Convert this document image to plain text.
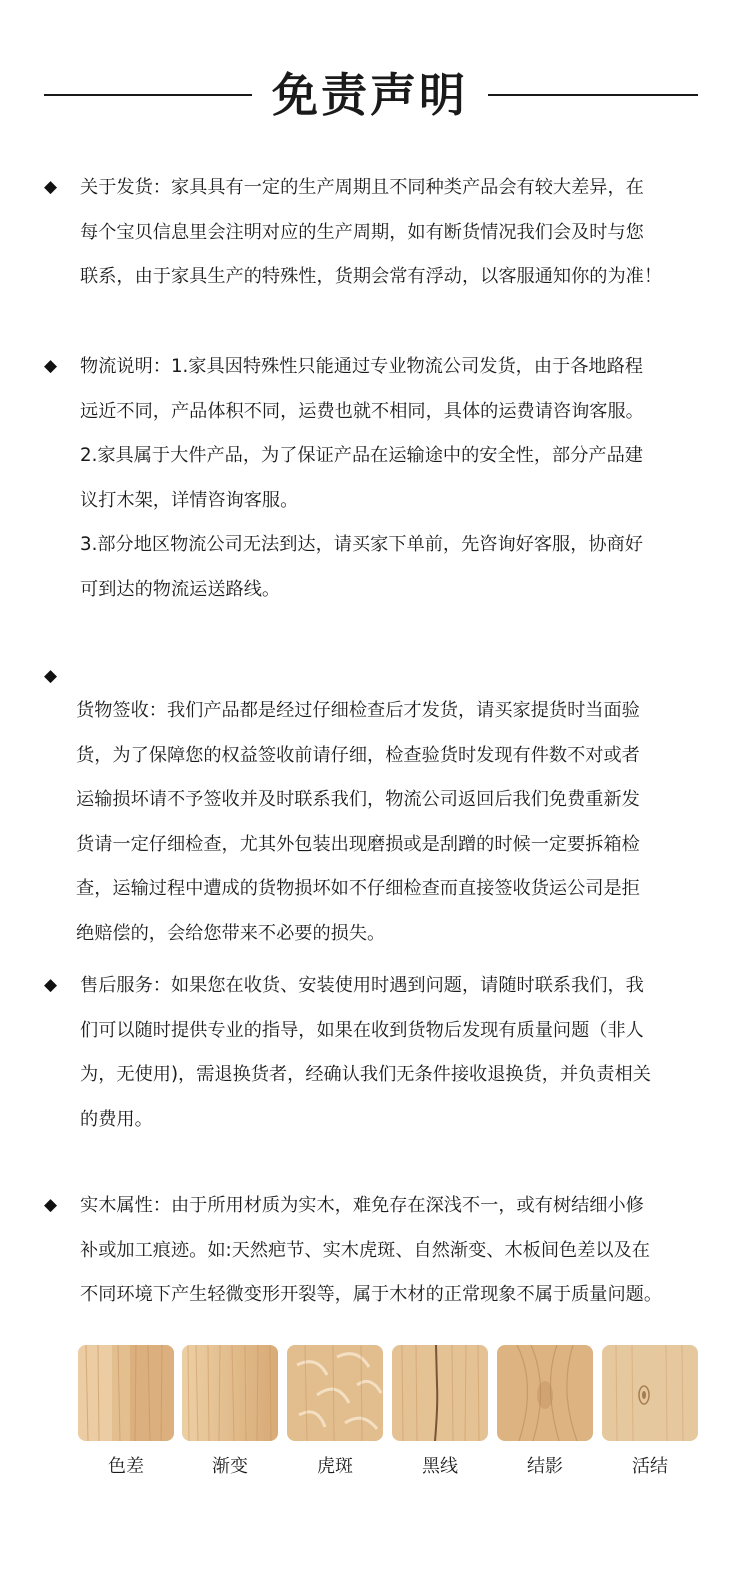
免责声明
◆ 关于发货：家具具有一定的生产周期且不同种类产品会有较大差异，在

每个宝贝信息里会注明对应的生产周期，如有断货情况我们会及时与您

联系，由于家具生产的特殊性，货期会常有浮动，以客服通知你的为准！

◆ 物流说明：1.家具因特殊性只能通过专业物流公司发货，由于各地路程

远近不同，产品体积不同，运费也就不相同，具体的运费请咨询客服。

2.家具属于大件产品，为了保证产品在运输途中的安全性，部分产品建

议打木架，详情咨询客服。

3.部分地区物流公司无法到达，请买家下单前，先咨询好客服，协商好

可到达的物流运送路线。

◆

货物签收：我们产品都是经过仔细检查后才发货，请买家提货时当面验

货，为了保障您的权益签收前请仔细，检查验货时发现有件数不对或者

运输损坏请不予签收并及时联系我们，物流公司返回后我们免费重新发

货请一定仔细检查，尤其外包装出现磨损或是刮蹭的时候一定要拆箱检

查，运输过程中遭成的货物损坏如不仔细检查而直接签收货运公司是拒

绝赔偿的，会给您带来不必要的损失。

◆ 售后服务：如果您在收货、安装使用时遇到问题，请随时联系我们，我

们可以随时提供专业的指导，如果在收到货物后发现有质量问题（非人

为，无使用)，需退换货者，经确认我们无条件接收退换货，并负责相关

的费用。

◆ 实木属性：由于所用材质为实木，难免存在深浅不一，或有树结细小修

补或加工痕迹。如:天然疤节、实木虎斑、自然渐变、木板间色差以及在

不同环境下产生轻微变形开裂等，属于木材的正常现象不属于质量问题。

色差	渐变	虎斑	黑线	结影	活结
